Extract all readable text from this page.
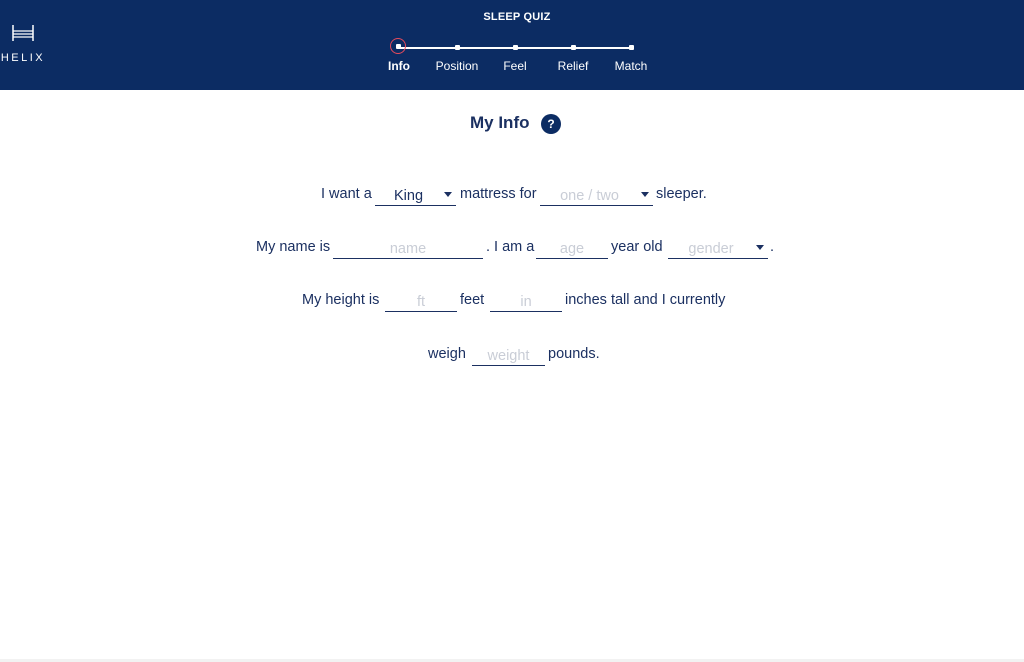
HELIX
SLEEP QUIZ
Info	Position	Feel	Relief	Match
My Info	?
I want a	King	mattress for	one / two	sleeper.
My name is	name	. I am a	age	year old	gender	.
My height is	ft	feet	in	inches tall and I currently
weigh	weight	pounds.
